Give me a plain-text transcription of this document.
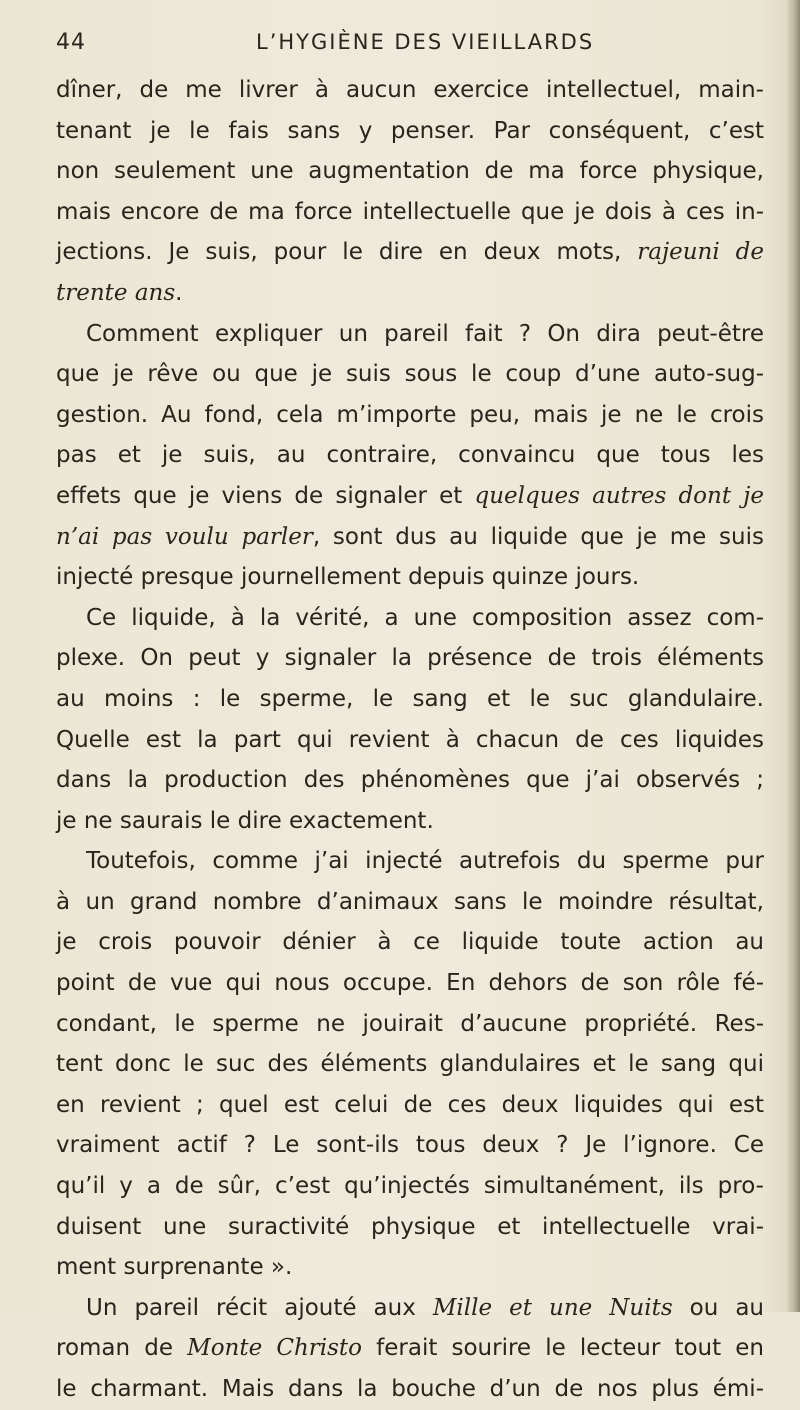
44	L’HYGIÈNE DES VIEILLARDS
dîner, de me livrer à aucun exercice intellectuel, main-
tenant je le fais sans y penser. Par conséquent, c’est
non seulement une augmentation de ma force physique,
mais encore de ma force intellectuelle que je dois à ces in-
jections. Je suis, pour le dire en deux mots, rajeuni de
trente ans.
Comment expliquer un pareil fait ? On dira peut-être
que je rêve ou que je suis sous le coup d’une auto-sug-
gestion. Au fond, cela m’importe peu, mais je ne le crois
pas et je suis, au contraire, convaincu que tous les
effets que je viens de signaler et quelques autres dont je
n’ai pas voulu parler, sont dus au liquide que je me suis
injecté presque journellement depuis quinze jours.
Ce liquide, à la vérité, a une composition assez com-
plexe. On peut y signaler la présence de trois éléments
au moins : le sperme, le sang et le suc glandulaire.
Quelle est la part qui revient à chacun de ces liquides
dans la production des phénomènes que j’ai observés ;
je ne saurais le dire exactement.
Toutefois, comme j’ai injecté autrefois du sperme pur
à un grand nombre d’animaux sans le moindre résultat,
je crois pouvoir dénier à ce liquide toute action au
point de vue qui nous occupe. En dehors de son rôle fé-
condant, le sperme ne jouirait d’aucune propriété. Res-
tent donc le suc des éléments glandulaires et le sang qui
en revient ; quel est celui de ces deux liquides qui est
vraiment actif ? Le sont-ils tous deux ? Je l’ignore. Ce
qu’il y a de sûr, c’est qu’injectés simultanément, ils pro-
duisent une suractivité physique et intellectuelle vrai-
ment surprenante ».
Un pareil récit ajouté aux Mille et une Nuits ou au
roman de Monte Christo ferait sourire le lecteur tout en
le charmant. Mais dans la bouche d’un de nos plus émi-
